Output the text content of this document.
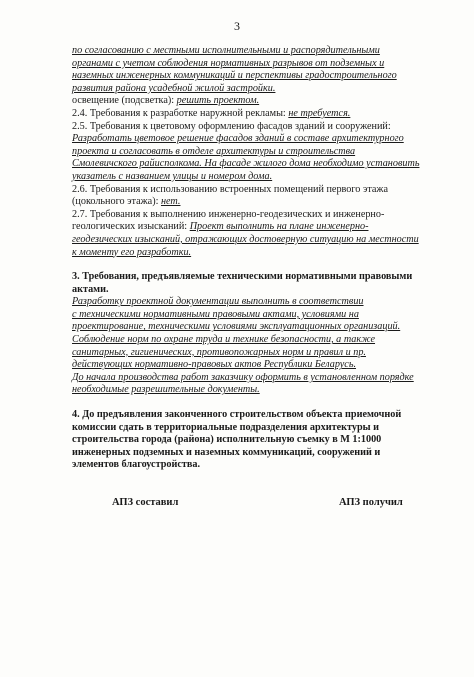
3
по согласованию с местными исполнительными и распорядительными
органами с учетом соблюдения нормативных разрывов от подземных и
наземных инженерных коммуникаций и перспективы градостроительного
развития района усадебной жилой застройки.
освещение (подсветка): решить проектом.
2.4. Требования к разработке наружной рекламы: не требуется.
2.5. Требования к цветовому оформлению фасадов зданий и сооружений:
Разработать цветовое решение фасадов зданий в составе архитектурного
проекта и согласовать в отделе архитектуры и строительства
Смолевичского райисполкома. На фасаде жилого дома необходимо установить
указатель с названием улицы и номером дома.
2.6. Требования к использованию встроенных помещений первого этажа
(цокольного этажа): нет.
2.7. Требования к выполнению инженерно-геодезических и инженерно-
геологических изысканий: Проект выполнить на плане инженерно-
геодезических изысканий, отражающих достоверную ситуацию на местности
к моменту его разработки.
3. Требования, предъявляемые техническими нормативными правовыми
актами.
Разработку проектной документации выполнить в соответствии
с техническими нормативными правовыми актами, условиями на
проектирование, техническими условиями эксплуатационных организаций.
Соблюдение норм по охране труда и технике безопасности, а также
санитарных, гигиенических, противопожарных норм и правил и пр.
действующих нормативно-правовых актов Республики Беларусь.
До начала производства работ заказчику оформить в установленном порядке
необходимые разрешительные документы.
4. До предъявления законченного строительством объекта приемочной
комиссии сдать в территориальные подразделения архитектуры и
строительства города (района) исполнительную съемку в М 1:1000
инженерных подземных и наземных коммуникаций, сооружений и
элементов благоустройства.
АПЗ составил	АПЗ получил
